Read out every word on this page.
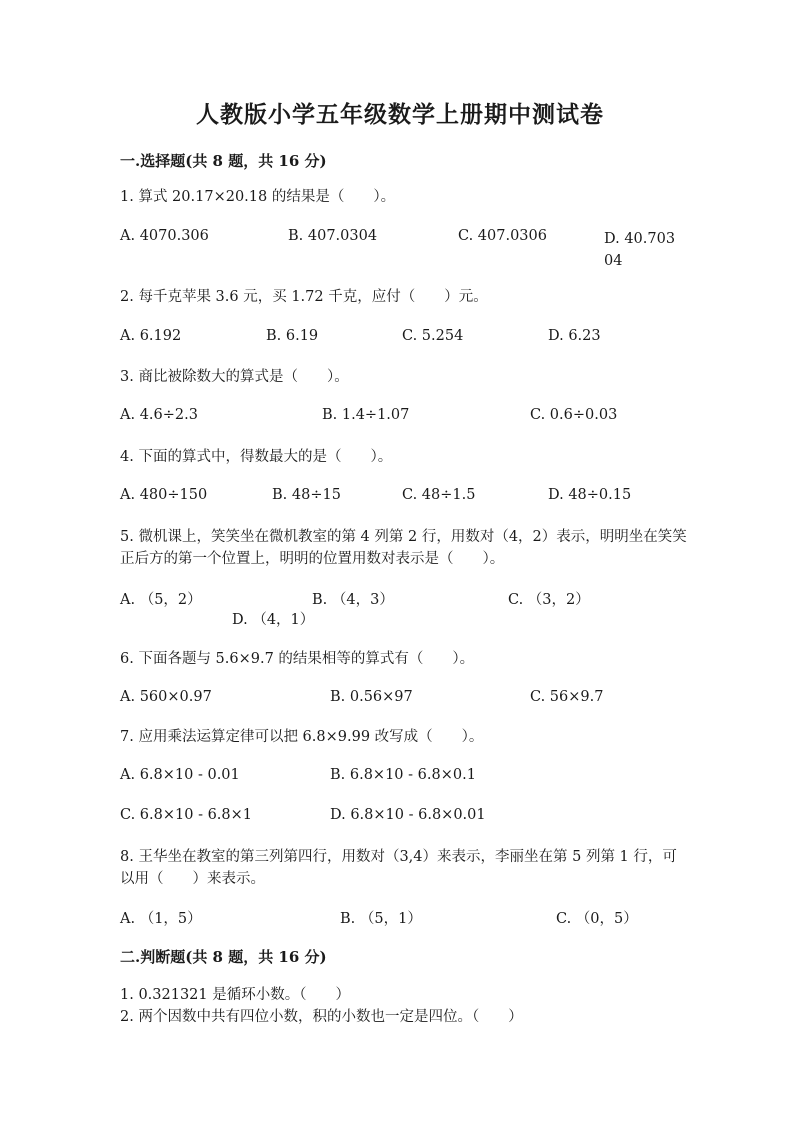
人教版小学五年级数学上册期中测试卷
一.选择题(共 8 题，共 16 分)
1. 算式 20.17×20.18 的结果是（　　）。
A. 4070.306	B. 407.0304	C. 407.0306	D. 40.70304
2. 每千克苹果 3.6 元，买 1.72 千克，应付（　　）元。
A. 6.192	B. 6.19	C. 5.254	D. 6.23
3. 商比被除数大的算式是（　　）。
A. 4.6÷2.3	B. 1.4÷1.07	C. 0.6÷0.03
4. 下面的算式中，得数最大的是（　　）。
A. 480÷150	B. 48÷15	C. 48÷1.5	D. 48÷0.15
5. 微机课上，笑笑坐在微机教室的第 4 列第 2 行，用数对（4，2）表示，明明坐在笑笑正后方的第一个位置上，明明的位置用数对表示是（　　）。
A. （5，2）	B. （4，3）	C. （3，2）
D. （4，1）
6. 下面各题与 5.6×9.7 的结果相等的算式有（　　）。
A. 560×0.97	B. 0.56×97	C. 56×9.7
7. 应用乘法运算定律可以把 6.8×9.99 改写成（　　）。
A. 6.8×10 - 0.01	B. 6.8×10 - 6.8×0.1
C. 6.8×10 - 6.8×1	D. 6.8×10 - 6.8×0.01
8. 王华坐在教室的第三列第四行，用数对（3,4）来表示，李丽坐在第 5 列第 1 行，可以用（　　）来表示。
A. （1，5）	B. （5，1）	C. （0，5）
二.判断题(共 8 题，共 16 分)
1. 0.321321 是循环小数。（　　）
2. 两个因数中共有四位小数，积的小数也一定是四位。（　　）
